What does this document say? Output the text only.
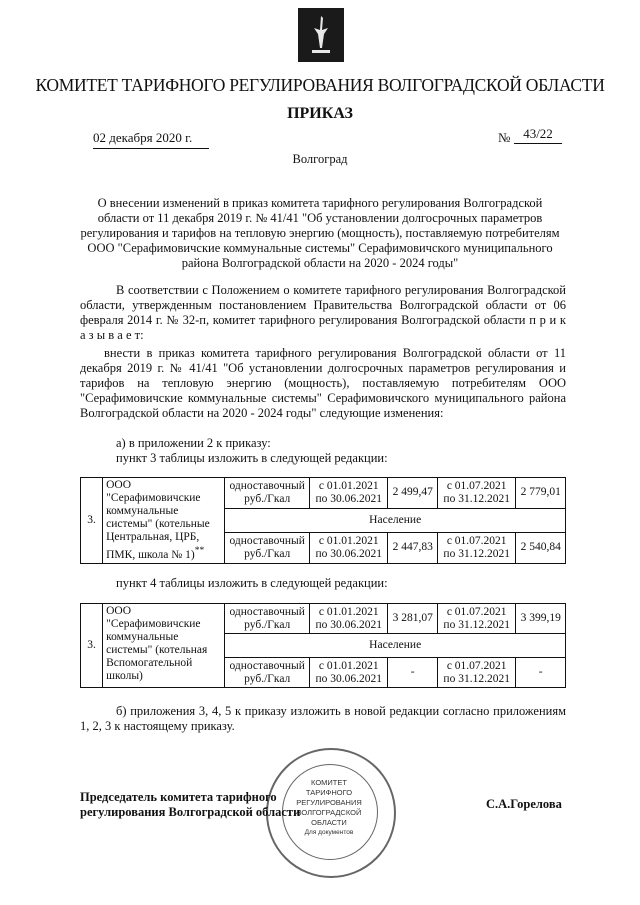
КОМИТЕТ ТАРИФНОГО РЕГУЛИРОВАНИЯ ВОЛГОГРАДСКОЙ ОБЛАСТИ
ПРИКАЗ
02 декабря 2020 г.	№ 43/22
Волгоград
О внесении изменений в приказ комитета тарифного регулирования Волгоградской области от 11 декабря 2019 г. № 41/41 "Об установлении долгосрочных параметров регулирования и тарифов на тепловую энергию (мощность), поставляемую потребителям ООО "Серафимовичские коммунальные системы" Серафимовичского муниципального района Волгоградской области на 2020 - 2024 годы"
В соответствии с Положением о комитете тарифного регулирования Волгоградской области, утвержденным постановлением Правительства Волгоградской области от 06 февраля 2014 г. № 32-п, комитет тарифного регулирования Волгоградской области п р и к а з ы в а е т:
внести в приказ комитета тарифного регулирования Волгоградской области от 11 декабря 2019 г. № 41/41 "Об установлении долгосрочных параметров регулирования и тарифов на тепловую энергию (мощность), поставляемую потребителям ООО "Серафимовичские коммунальные системы" Серафимовичского муниципального района Волгоградской области на 2020 - 2024 годы" следующие изменения:
а) в приложении 2 к приказу:
пункт 3 таблицы изложить в следующей редакции:
3.	ООО "Серафимовичские коммунальные системы" (котельные Центральная, ЦРБ, ПМК, школа № 1)**	одноставочный руб./Гкал	с 01.01.2021 по 30.06.2021	2 499,47	с 01.07.2021 по 31.12.2021	2 779,01
		Население				
		одноставочный руб./Гкал	с 01.01.2021 по 30.06.2021	2 447,83	с 01.07.2021 по 31.12.2021	2 540,84
пункт 4 таблицы изложить в следующей редакции:
3.	ООО "Серафимовичские коммунальные системы" (котельная Вспомогательной школы)	одноставочный руб./Гкал	с 01.01.2021 по 30.06.2021	3 281,07	с 01.07.2021 по 31.12.2021	3 399,19
		Население				
		одноставочный руб./Гкал	с 01.01.2021 по 30.06.2021	-	с 01.07.2021 по 31.12.2021	-
б) приложения 3, 4, 5 к приказу изложить в новой редакции согласно приложениям 1, 2, 3 к настоящему приказу.
КОМИТЕТ
ТАРИФНОГО
РЕГУЛИРОВАНИЯ
ВОЛГОГРАДСКОЙ
ОБЛАСТИ
Для документов
Председатель комитета тарифного
регулирования Волгоградской области
С.А.Горелова
